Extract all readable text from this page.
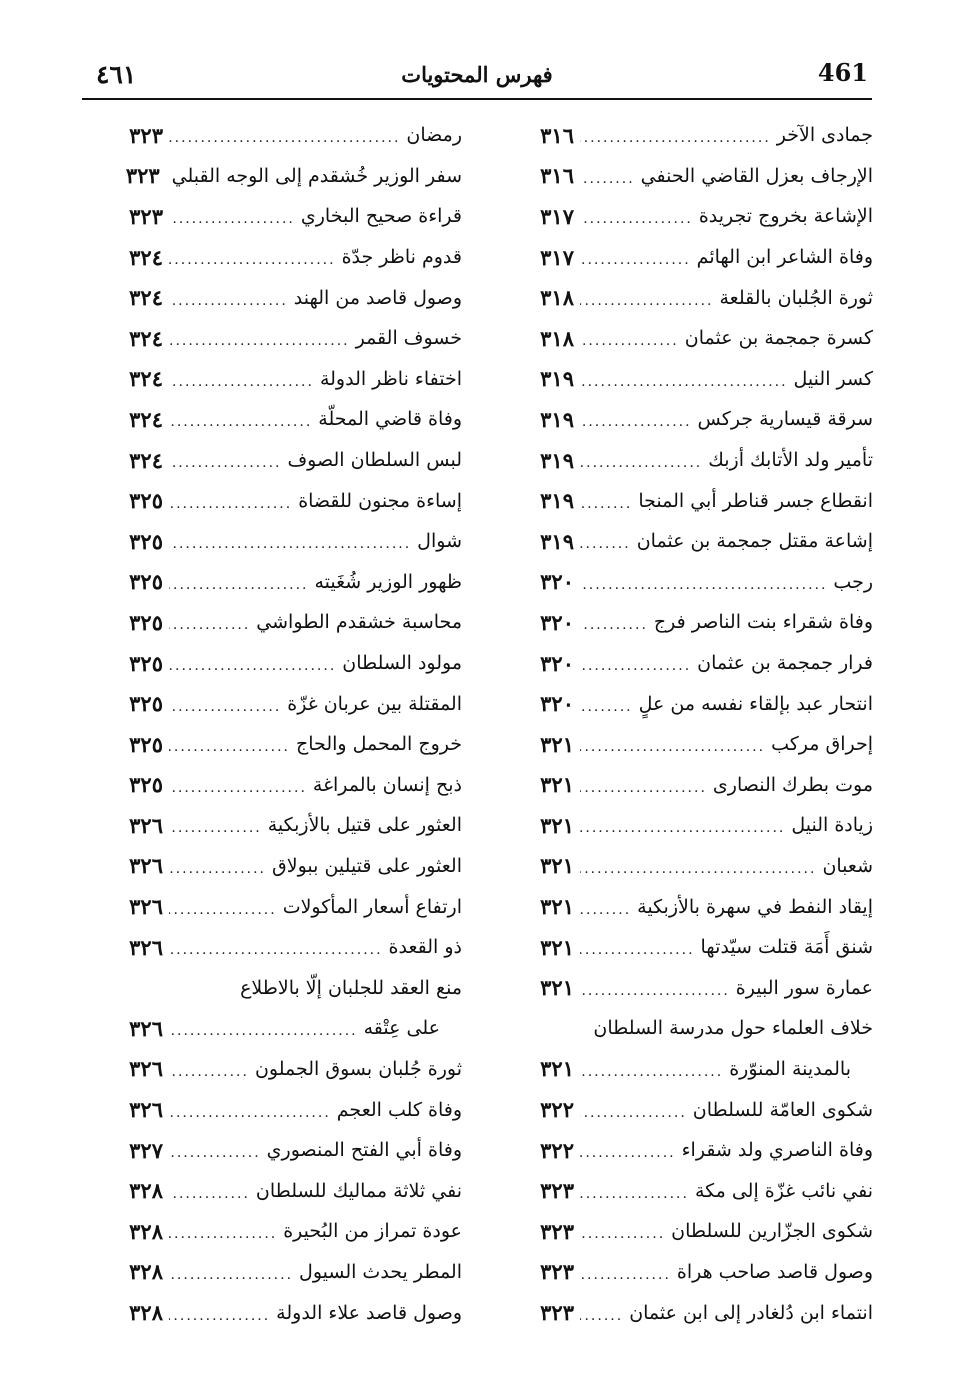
461
فهرس المحتويات
٤٦١
جمادى الآخر
.....
٣١٦
الإرجاف بعزل القاضي الحنفي
.....
٣١٦
الإشاعة بخروج تجريدة
.....
٣١٧
وفاة الشاعر ابن الهائم
.....
٣١٧
ثورة الجُلبان بالقلعة
.....
٣١٨
كسرة جمجمة بن عثمان
.....
٣١٨
كسر النيل
.....
٣١٩
سرقة قيسارية جركس
.....
٣١٩
تأمير ولد الأتابك أزبك
.....
٣١٩
انقطاع جسر قناطر أبي المنجا
.....
٣١٩
إشاعة مقتل جمجمة بن عثمان
.....
٣١٩
رجب
.....
٣٢٠
وفاة شقراء بنت الناصر فرج
.....
٣٢٠
فرار جمجمة بن عثمان
.....
٣٢٠
انتحار عبد بإلقاء نفسه من علٍ
.....
٣٢٠
إحراق مركب
.....
٣٢١
موت بطرك النصارى
.....
٣٢١
زيادة النيل
.....
٣٢١
شعبان
.....
٣٢١
إيقاد النفط في سهرة بالأزبكية
.....
٣٢١
شنق أَمَة قتلت سيّدتها
.....
٣٢١
عمارة سور البيرة
.....
٣٢١
خلاف العلماء حول مدرسة السلطان
بالمدينة المنوّرة
.....
٣٢١
شكوى العامّة للسلطان
.....
٣٢٢
وفاة الناصري ولد شقراء
.....
٣٢٢
نفي نائب غزّة إلى مكة
.....
٣٢٣
شكوى الجزّارين للسلطان
.....
٣٢٣
وصول قاصد صاحب هراة
.....
٣٢٣
انتماء ابن دُلغادر إلى ابن عثمان
.....
٣٢٣
رمضان
.....
٣٢٣
سفر الوزير خُشقدم إلى الوجه القبلي
٣٢٣
قراءة صحيح البخاري
.....
٣٢٣
قدوم ناظر جدّة
.....
٣٢٤
وصول قاصد من الهند
.....
٣٢٤
خسوف القمر
.....
٣٢٤
اختفاء ناظر الدولة
.....
٣٢٤
وفاة قاضي المحلّة
.....
٣٢٤
لبس السلطان الصوف
.....
٣٢٤
إساءة مجنون للقضاة
.....
٣٢٥
شوال
.....
٣٢٥
ظهور الوزير شُغَيته
.....
٣٢٥
محاسبة خشقدم الطواشي
.....
٣٢٥
مولود السلطان
.....
٣٢٥
المقتلة بين عربان غزّة
.....
٣٢٥
خروج المحمل والحاج
.....
٣٢٥
ذبح إنسان بالمراغة
.....
٣٢٥
العثور على قتيل بالأزبكية
.....
٣٢٦
العثور على قتيلين ببولاق
.....
٣٢٦
ارتفاع أسعار المأكولات
.....
٣٢٦
ذو القعدة
.....
٣٢٦
منع العقد للجلبان إلّا بالاطلاع
على عِتْقه
.....
٣٢٦
ثورة جُلبان بسوق الجملون
.....
٣٢٦
وفاة كلب العجم
.....
٣٢٦
وفاة أبي الفتح المنصوري
.....
٣٢٧
نفي ثلاثة مماليك للسلطان
.....
٣٢٨
عودة تمراز من البُحيرة
.....
٣٢٨
المطر يحدث السيول
.....
٣٢٨
وصول قاصد علاء الدولة
.....
٣٢٨
